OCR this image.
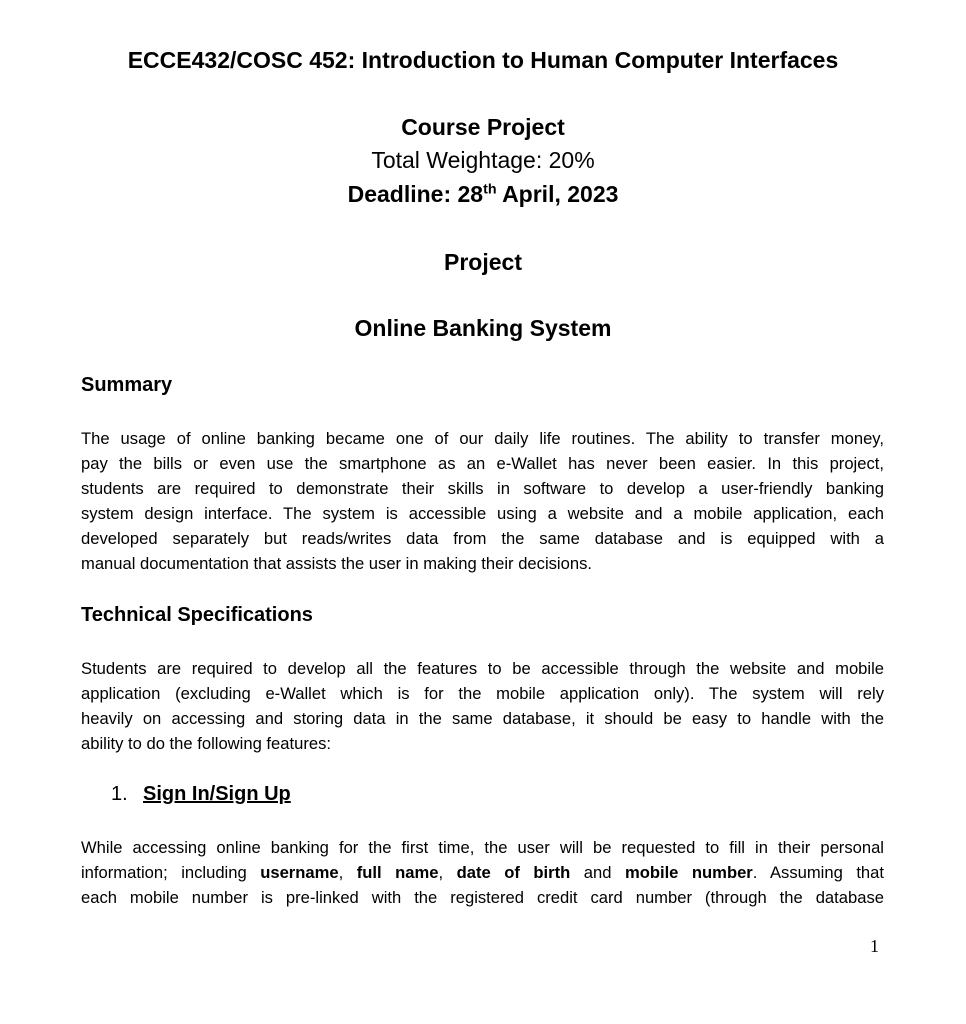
ECCE432/COSC 452: Introduction to Human Computer Interfaces
Course Project
Total Weightage: 20%
Deadline: 28th April, 2023
Project
Online Banking System
Summary
The usage of online banking became one of our daily life routines. The ability to transfer money,
pay the bills or even use the smartphone as an e-Wallet has never been easier. In this project,
students are required to demonstrate their skills in software to develop a user-friendly banking
system design interface. The system is accessible using a website and a mobile application, each
developed separately but reads/writes data from the same database and is equipped with a
manual documentation that assists the user in making their decisions.
Technical Specifications
Students are required to develop all the features to be accessible through the website and mobile
application (excluding e-Wallet which is for the mobile application only). The system will rely
heavily on accessing and storing data in the same database, it should be easy to handle with the
ability to do the following features:
1. Sign In/Sign Up
While accessing online banking for the first time, the user will be requested to fill in their personal
information; including username, full name, date of birth and mobile number. Assuming that
each mobile number is pre-linked with the registered credit card number (through the database
1
